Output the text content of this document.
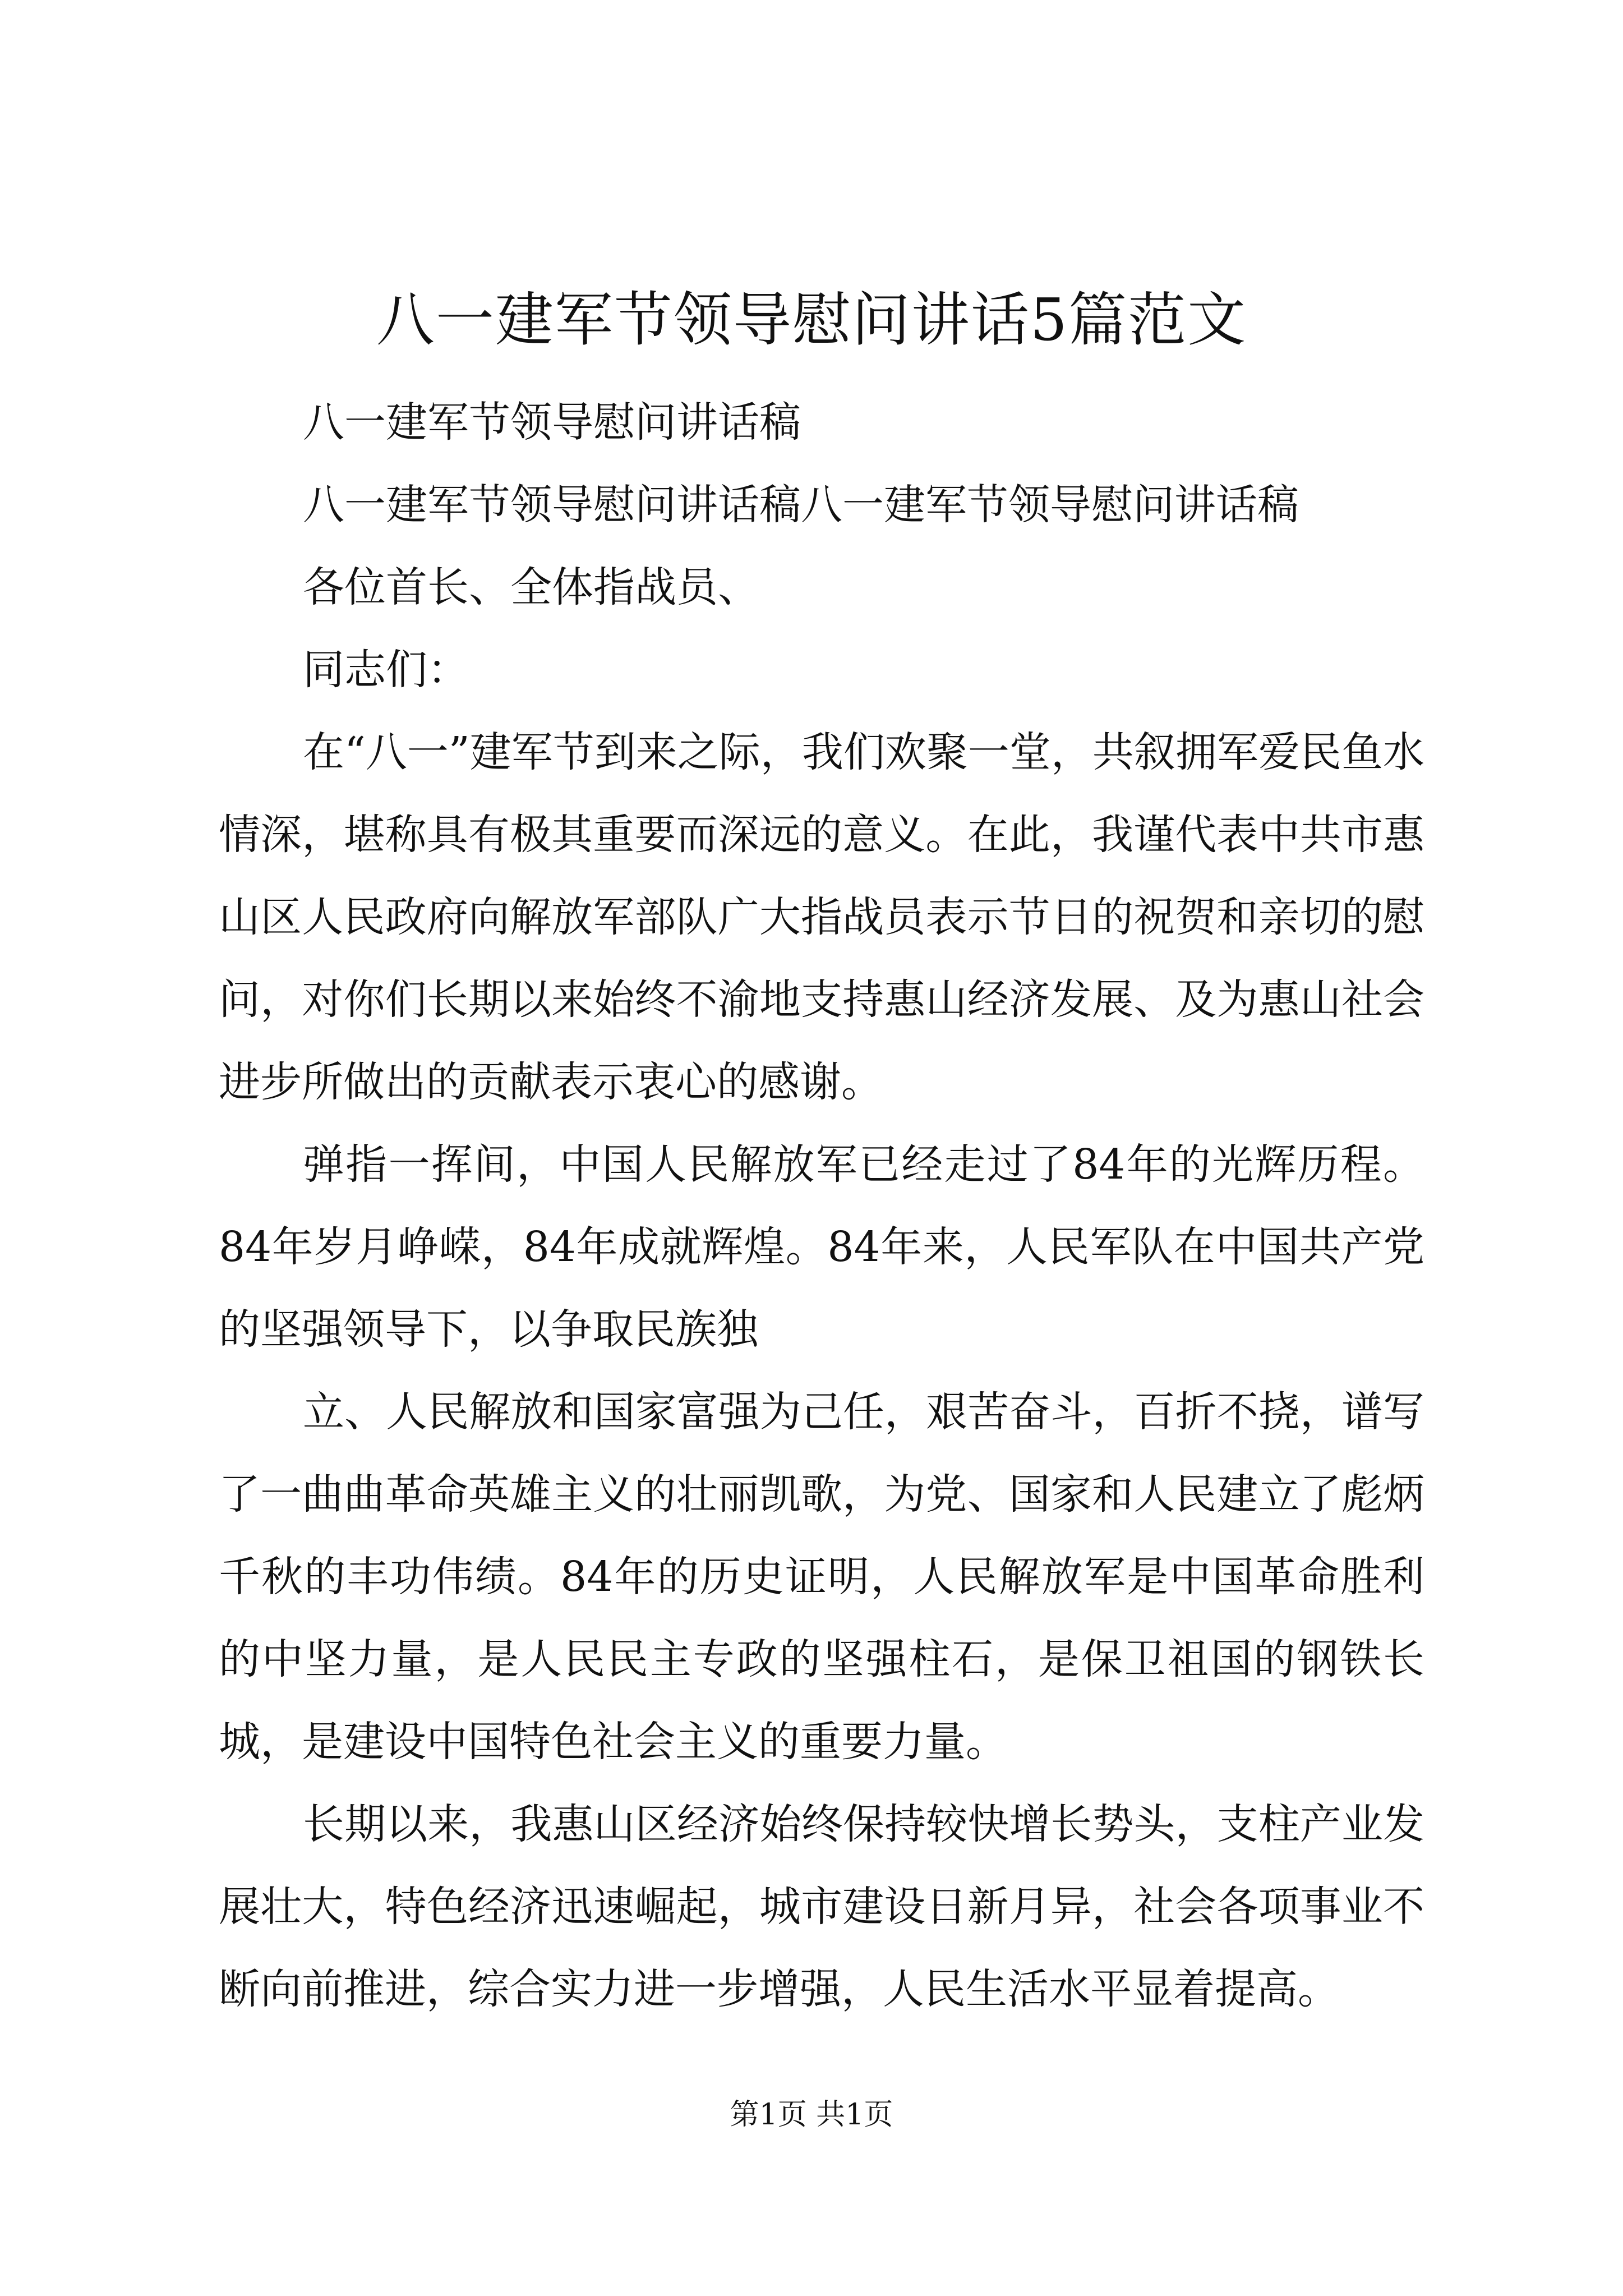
八一建军节领导慰问讲话5篇范文

八一建军节领导慰问讲话稿

八一建军节领导慰问讲话稿八一建军节领导慰问讲话稿

各位首长、全体指战员、

同志们：

在“八一”建军节到来之际，我们欢聚一堂，共叙拥军爱民鱼水情深，堪称具有极其重要而深远的意义。在此，我谨代表中共市惠山区人民政府向解放军部队广大指战员表示节日的祝贺和亲切的慰问，对你们长期以来始终不渝地支持惠山经济发展、及为惠山社会进步所做出的贡献表示衷心的感谢。

弹指一挥间，中国人民解放军已经走过了84年的光辉历程。84年岁月峥嵘，84年成就辉煌。84年来，人民军队在中国共产党的坚强领导下，以争取民族独

立、人民解放和国家富强为己任，艰苦奋斗，百折不挠，谱写了一曲曲革命英雄主义的壮丽凯歌，为党、国家和人民建立了彪炳千秋的丰功伟绩。84年的历史证明，人民解放军是中国革命胜利的中坚力量，是人民民主专政的坚强柱石，是保卫祖国的钢铁长城，是建设中国特色社会主义的重要力量。

长期以来，我惠山区经济始终保持较快增长势头，支柱产业发展壮大，特色经济迅速崛起，城市建设日新月异，社会各项事业不断向前推进，综合实力进一步增强，人民生活水平显着提高。

第1页 共1页
